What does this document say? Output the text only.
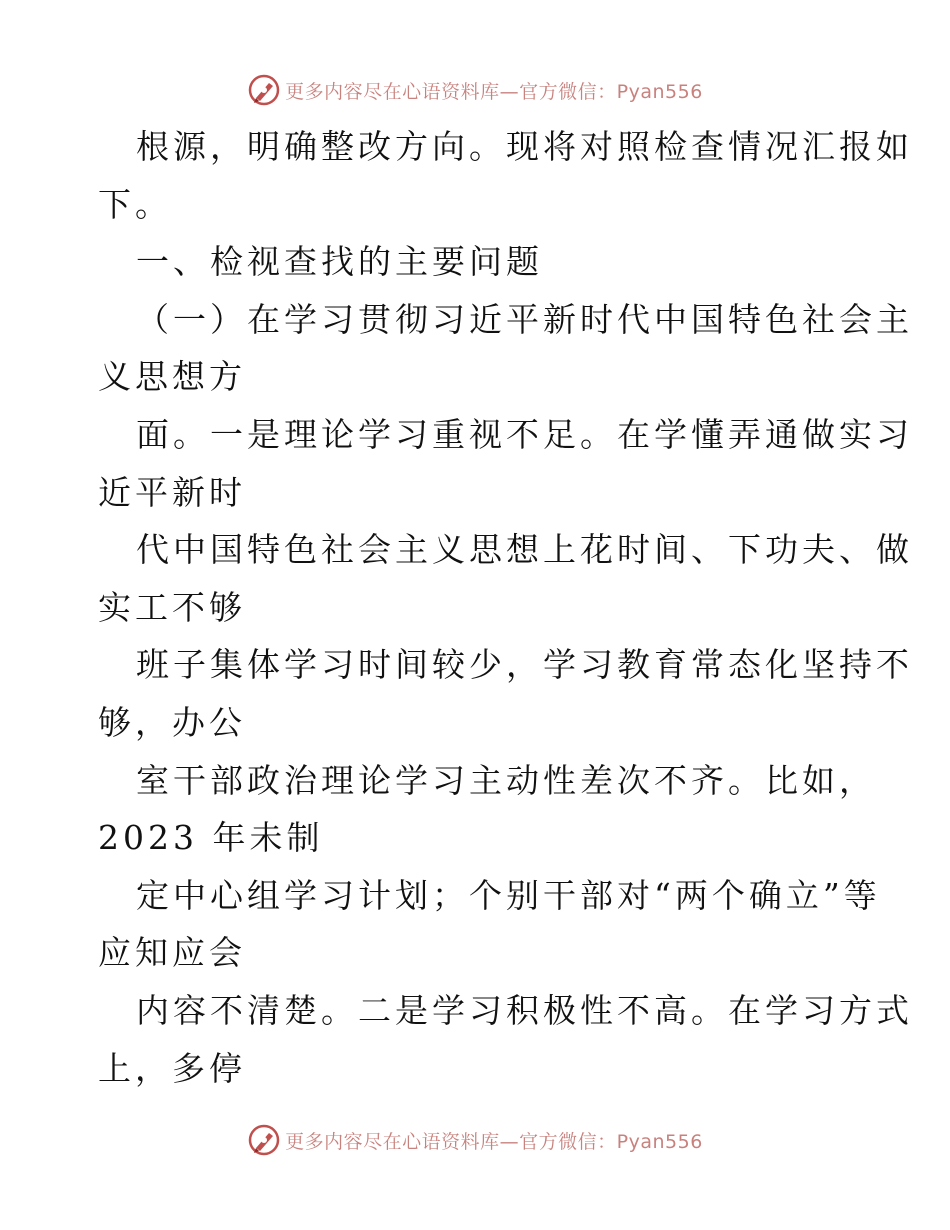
更多内容尽在心语资料库—官方微信：Pyan556
根源，明确整改方向。现将对照检查情况汇报如
下。
一、检视查找的主要问题
（一）在学习贯彻习近平新时代中国特色社会主
义思想方
面。一是理论学习重视不足。在学懂弄通做实习
近平新时
代中国特色社会主义思想上花时间、下功夫、做
实工不够
班子集体学习时间较少，学习教育常态化坚持不
够，办公
室干部政治理论学习主动性差次不齐。比如，
2023 年未制
定中心组学习计划；个别干部对“两个确立”等
应知应会
内容不清楚。二是学习积极性不高。在学习方式
上，多停
更多内容尽在心语资料库—官方微信：Pyan556
